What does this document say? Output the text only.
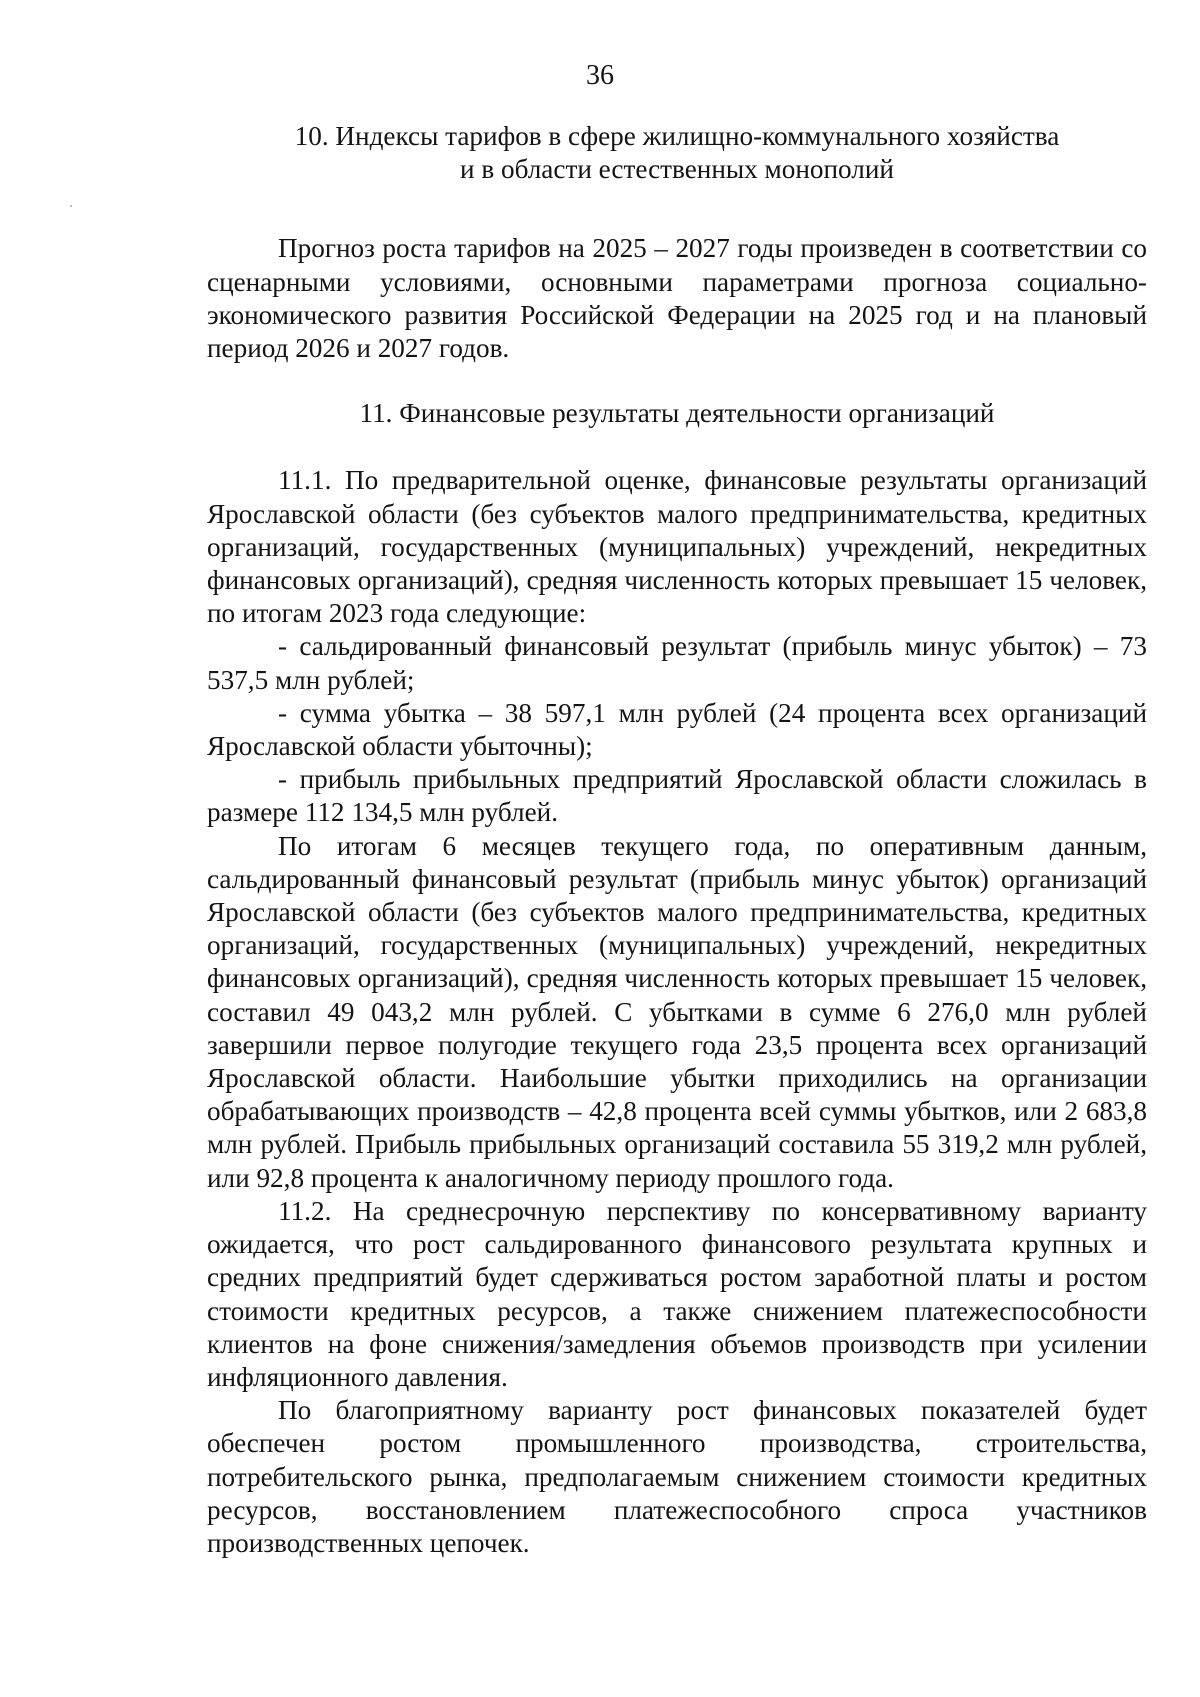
36

10. Индексы тарифов в сфере жилищно-коммунального хозяйства
и в области естественных монополий

Прогноз роста тарифов на 2025 – 2027 годы произведен в соответствии со сценарными условиями, основными параметрами прогноза социально-экономического развития Российской Федерации на 2025 год и на плановый период 2026 и 2027 годов.

11. Финансовые результаты деятельности организаций

11.1. По предварительной оценке, финансовые результаты организаций Ярославской области (без субъектов малого предпринимательства, кредитных организаций, государственных (муниципальных) учреждений, некредитных финансовых организаций), средняя численность которых превышает 15 человек, по итогам 2023 года следующие:

- сальдированный финансовый результат (прибыль минус убыток) – 73 537,5 млн рублей;

- сумма убытка – 38 597,1 млн рублей (24 процента всех организаций Ярославской области убыточны);

- прибыль прибыльных предприятий Ярославской области сложилась в размере 112 134,5 млн рублей.

По итогам 6 месяцев текущего года, по оперативным данным, сальдированный финансовый результат (прибыль минус убыток) организаций Ярославской области (без субъектов малого предпринимательства, кредитных организаций, государственных (муниципальных) учреждений, некредитных финансовых организаций), средняя численность которых превышает 15 человек, составил 49 043,2 млн рублей. С убытками в сумме 6 276,0 млн рублей завершили первое полугодие текущего года 23,5 процента всех организаций Ярославской области. Наибольшие убытки приходились на организации обрабатывающих производств – 42,8 процента всей суммы убытков, или 2 683,8 млн рублей. Прибыль прибыльных организаций составила 55 319,2 млн рублей, или 92,8 процента к аналогичному периоду прошлого года.

11.2. На среднесрочную перспективу по консервативному варианту ожидается, что рост сальдированного финансового результата крупных и средних предприятий будет сдерживаться ростом заработной платы и ростом стоимости кредитных ресурсов, а также снижением платежеспособности клиентов на фоне снижения/замедления объемов производств при усилении инфляционного давления.

По благоприятному варианту рост финансовых показателей будет обеспечен ростом промышленного производства, строительства, потребительского рынка, предполагаемым снижением стоимости кредитных ресурсов, восстановлением платежеспособного спроса участников производственных цепочек.
